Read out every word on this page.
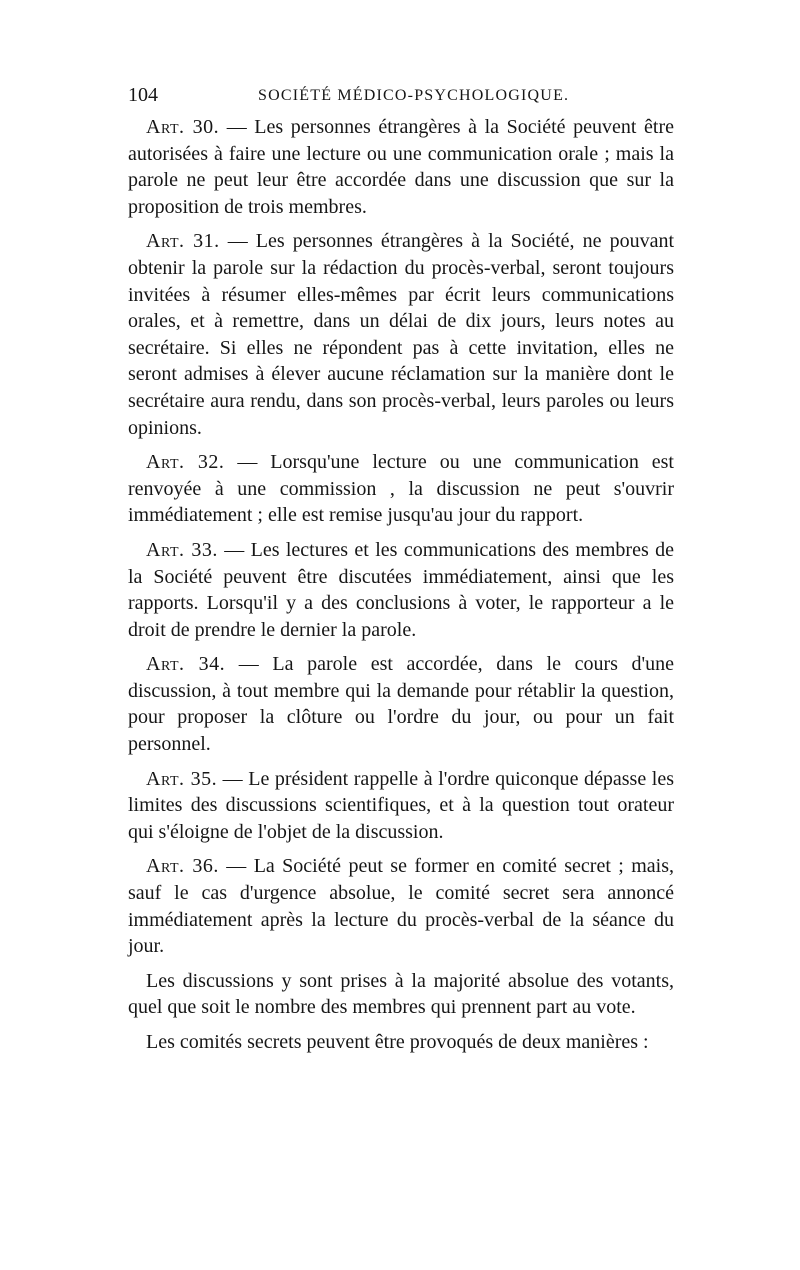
104	SOCIÉTÉ MÉDICO-PSYCHOLOGIQUE.

Art. 30. — Les personnes étrangères à la Société peuvent être autorisées à faire une lecture ou une communication orale ; mais la parole ne peut leur être accordée dans une discussion que sur la proposition de trois membres.

Art. 31. — Les personnes étrangères à la Société, ne pouvant obtenir la parole sur la rédaction du procès-verbal, seront toujours invitées à résumer elles-mêmes par écrit leurs communications orales, et à remettre, dans un délai de dix jours, leurs notes au secrétaire. Si elles ne répondent pas à cette invitation, elles ne seront admises à élever aucune réclamation sur la manière dont le secrétaire aura rendu, dans son procès-verbal, leurs paroles ou leurs opinions.

Art. 32. — Lorsqu'une lecture ou une communication est renvoyée à une commission , la discussion ne peut s'ouvrir immédiatement ; elle est remise jusqu'au jour du rapport.

Art. 33. — Les lectures et les communications des membres de la Société peuvent être discutées immédiatement, ainsi que les rapports. Lorsqu'il y a des conclusions à voter, le rapporteur a le droit de prendre le dernier la parole.

Art. 34. — La parole est accordée, dans le cours d'une discussion, à tout membre qui la demande pour rétablir la question, pour proposer la clôture ou l'ordre du jour, ou pour un fait personnel.

Art. 35. — Le président rappelle à l'ordre quiconque dépasse les limites des discussions scientifiques, et à la question tout orateur qui s'éloigne de l'objet de la discussion.

Art. 36. — La Société peut se former en comité secret ; mais, sauf le cas d'urgence absolue, le comité secret sera annoncé immédiatement après la lecture du procès-verbal de la séance du jour.

Les discussions y sont prises à la majorité absolue des votants, quel que soit le nombre des membres qui prennent part au vote.

Les comités secrets peuvent être provoqués de deux manières :
